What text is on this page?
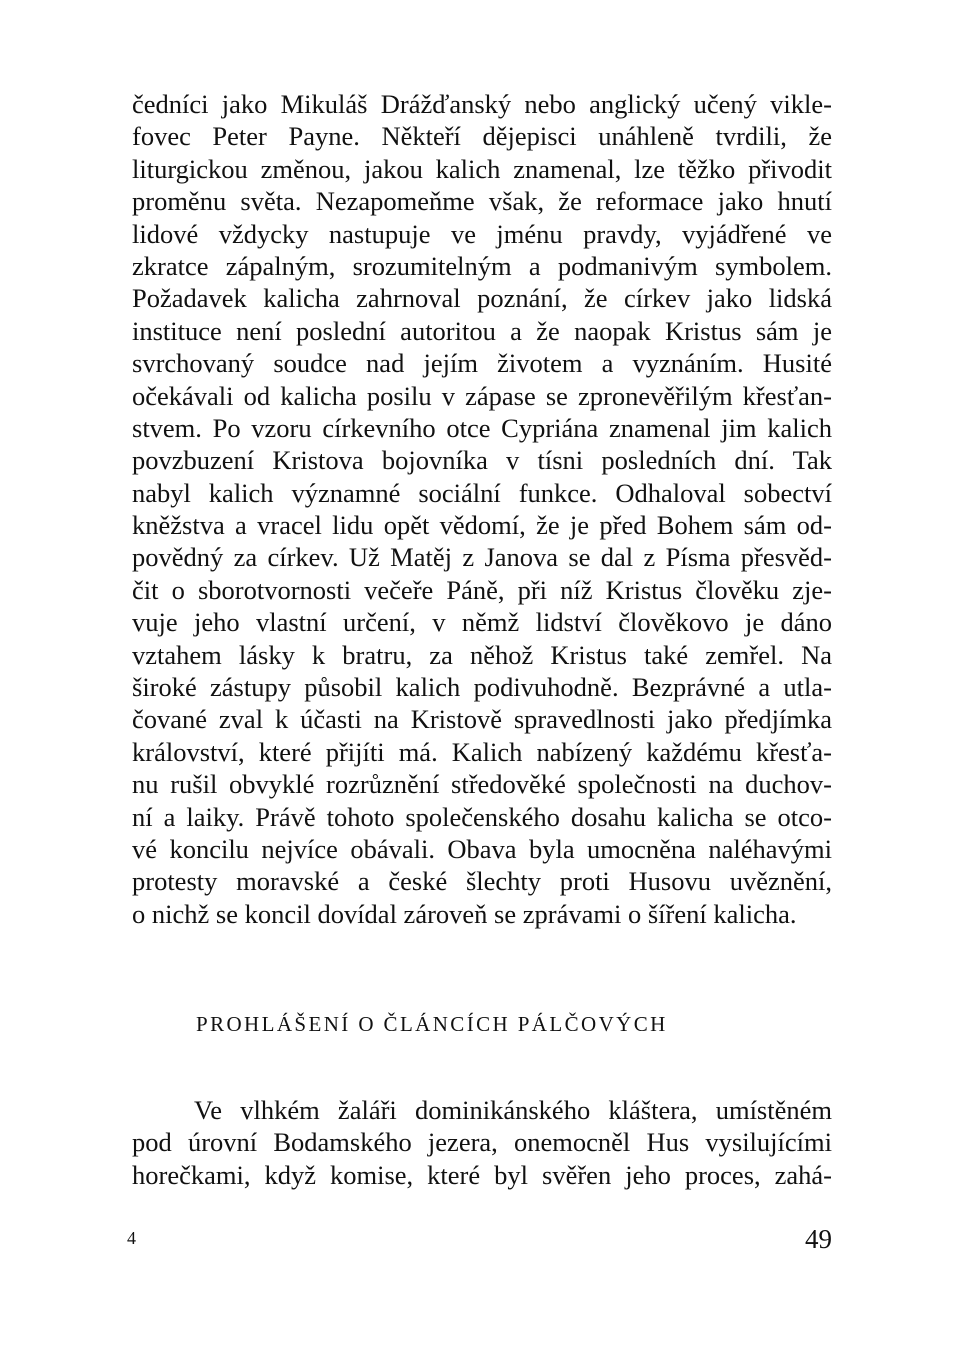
čedníci jako Mikuláš Drážďanský nebo anglický učený vikle-
fovec Peter Payne. Někteří dějepisci unáhleně tvrdili, že
liturgickou změnou, jakou kalich znamenal, lze těžko přivodit
proměnu světa. Nezapomeňme však, že reformace jako hnutí
lidové vždycky nastupuje ve jménu pravdy, vyjádřené ve
zkratce zápalným, srozumitelným a podmanivým symbolem.
Požadavek kalicha zahrnoval poznání, že církev jako lidská
instituce není poslední autoritou a že naopak Kristus sám je
svrchovaný soudce nad jejím životem a vyznáním. Husité
očekávali od kalicha posilu v zápase se zpronevěřilým křesťan-
stvem. Po vzoru církevního otce Cypriána znamenal jim kalich
povzbuzení Kristova bojovníka v tísni posledních dní. Tak
nabyl kalich významné sociální funkce. Odhaloval sobectví
kněžstva a vracel lidu opět vědomí, že je před Bohem sám od-
povědný za církev. Už Matěj z Janova se dal z Písma přesvěd-
čit o sborotvornosti večeře Páně, při níž Kristus člověku zje-
vuje jeho vlastní určení, v němž lidství člověkovo je dáno
vztahem lásky k bratru, za něhož Kristus také zemřel. Na
široké zástupy působil kalich podivuhodně. Bezprávné a utla-
čované zval k účasti na Kristově spravedlnosti jako předjímka
království, které přijíti má. Kalich nabízený každému křesťa-
nu rušil obvyklé rozrůznění středověké společnosti na duchov-
ní a laiky. Právě tohoto společenského dosahu kalicha se otco-
vé koncilu nejvíce obávali. Obava byla umocněna naléhavými
protesty moravské a české šlechty proti Husovu uvěznění,
o nichž se koncil dovídal zároveň se zprávami o šíření kalicha.
PROHLÁŠENÍ O ČLÁNCÍCH PÁLČOVÝCH
Ve vlhkém žaláři dominikánského kláštera, umístěném
pod úrovní Bodamského jezera, onemocněl Hus vysilujícími
horečkami, když komise, které byl svěřen jeho proces, zahá-
4	49
